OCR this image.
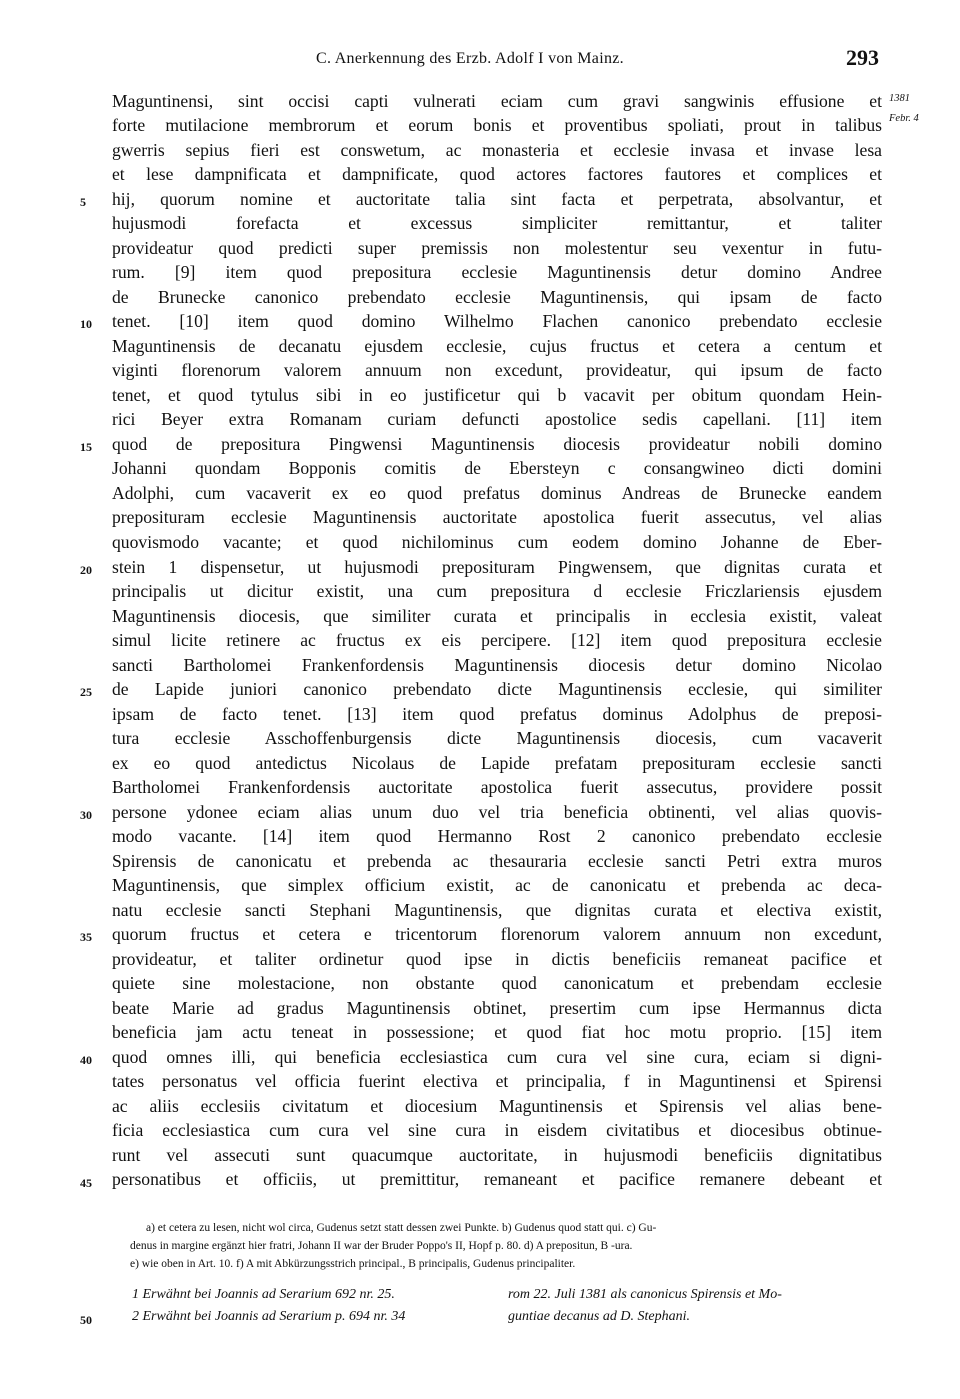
C. Anerkennung des Erzb. Adolf I von Mainz.	293
1381
Febr. 4
Maguntinensi, sint occisi capti vulnerati eciam cum gravi sangwinis effusione et
forte mutilacione membrorum et eorum bonis et proventibus spoliati, prout in talibus
gwerris sepius fieri est conswetum, ac monasteria et ecclesie invasa et invase lesa
et lese dampnificata et dampnificate, quod actores factores fautores et complices et
hij, quorum nomine et auctoritate talia sint facta et perpetrata, absolvantur, et
hujusmodi forefacta et excessus simpliciter remittantur, et taliter
provideatur quod predicti super premissis non molestentur seu vexentur in futu-
rum. [9] item quod prepositura ecclesie Maguntinensis detur domino Andree
de Brunecke canonico prebendato ecclesie Maguntinensis, qui ipsam de facto
tenet. [10] item quod domino Wilhelmo Flachen canonico prebendato ecclesie
Maguntinensis de decanatu ejusdem ecclesie, cujus fructus et cetera a centum et
viginti florenorum valorem annuum non excedunt, provideatur, qui ipsum de facto
tenet, et quod tytulus sibi in eo justificetur qui b vacavit per obitum quondam Hein-
rici Beyer extra Romanam curiam defuncti apostolice sedis capellani. [11] item
quod de prepositura Pingwensi Maguntinensis diocesis provideatur nobili domino
Johanni quondam Bopponis comitis de Ebersteyn c consangwineo dicti domini
Adolphi, cum vacaverit ex eo quod prefatus dominus Andreas de Brunecke eandem
preposituram ecclesie Maguntinensis auctoritate apostolica fuerit assecutus, vel alias
quovismodo vacante; et quod nichilominus cum eodem domino Johanne de Eber-
stein 1 dispensetur, ut hujusmodi preposituram Pingwensem, que dignitas curata et
principalis ut dicitur existit, una cum prepositura d ecclesie Friczlariensis ejusdem
Maguntinensis diocesis, que similiter curata et principalis in ecclesia existit, valeat
simul licite retinere ac fructus ex eis percipere. [12] item quod prepositura ecclesie
sancti Bartholomei Frankenfordensis Maguntinensis diocesis detur domino Nicolao
de Lapide juniori canonico prebendato dicte Maguntinensis ecclesie, qui similiter
ipsam de facto tenet. [13] item quod prefatus dominus Adolphus de preposi-
tura ecclesie Asschoffenburgensis dicte Maguntinensis diocesis, cum vacaverit
ex eo quod antedictus Nicolaus de Lapide prefatam preposituram ecclesie sancti
Bartholomei Frankenfordensis auctoritate apostolica fuerit assecutus, providere possit
persone ydonee eciam alias unum duo vel tria beneficia obtinenti, vel alias quovis-
modo vacante. [14] item quod Hermanno Rost 2 canonico prebendato ecclesie
Spirensis de canonicatu et prebenda ac thesauraria ecclesie sancti Petri extra muros
Maguntinensis, que simplex officium existit, ac de canonicatu et prebenda ac deca-
natu ecclesie sancti Stephani Maguntinensis, que dignitas curata et electiva existit,
quorum fructus et cetera e tricentorum florenorum valorem annuum non excedunt,
provideatur, et taliter ordinetur quod ipse in dictis beneficiis remaneat pacifice et
quiete sine molestacione, non obstante quod canonicatum et prebendam ecclesie
beate Marie ad gradus Maguntinensis obtinet, presertim cum ipse Hermannus dicta
beneficia jam actu teneat in possessione; et quod fiat hoc motu proprio. [15] item
quod omnes illi, qui beneficia ecclesiastica cum cura vel sine cura, eciam si digni-
tates personatus vel officia fuerint electiva et principalia, f in Maguntinensi et Spirensi
ac aliis ecclesiis civitatum et diocesium Maguntinensis et Spirensis vel alias bene-
ficia ecclesiastica cum cura vel sine cura in eisdem civitatibus et diocesibus obtinue-
runt vel assecuti sunt quacumque auctoritate, in hujusmodi beneficiis dignitatibus
personatibus et officiis, ut premittitur, remaneant et pacifice remanere debeant et
5
10
15
20
25
30
35
40
45
50
a) et cetera zu lesen, nicht wol circa, Gudenus setzt statt dessen zwei Punkte. b) Gudenus quod statt qui. c) Gu-
denus in margine ergänzt hier fratri, Johann II war der Bruder Poppo's II, Hopf p. 80. d) A prepositun, B -ura.
e) wie oben in Art. 10. f) A mit Abkürzungsstrich principal., B principalis, Gudenus principaliter.
1 Erwähnt bei Joannis ad Serarium 692 nr. 25.
2 Erwähnt bei Joannis ad Serarium p. 694 nr. 34
rom 22. Juli 1381 als canonicus Spirensis et Mo-
guntiae decanus ad D. Stephani.
